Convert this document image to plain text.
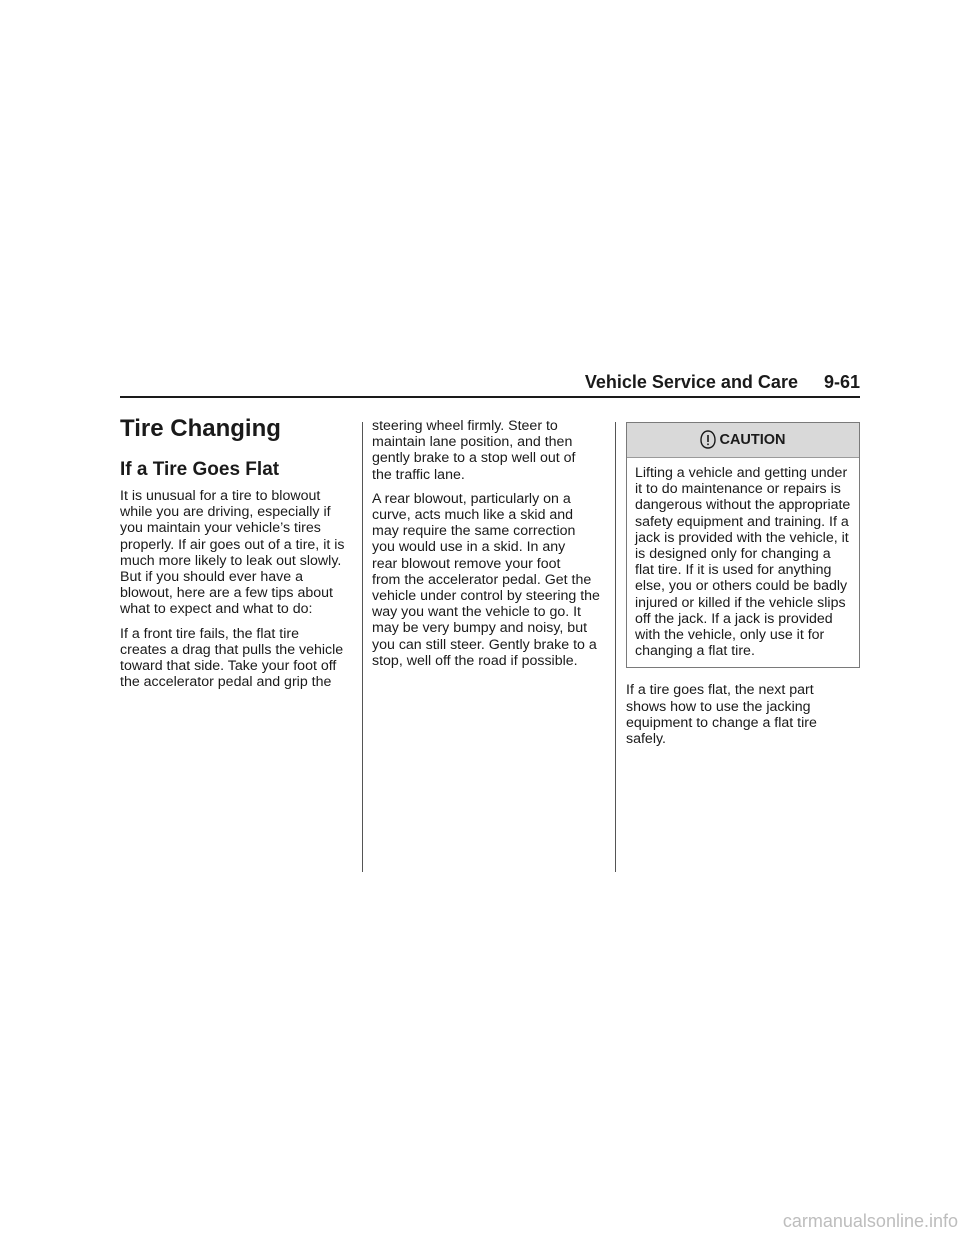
Vehicle Service and Care 9-61
Tire Changing
If a Tire Goes Flat

It is unusual for a tire to blowout
while you are driving, especially if
you maintain your vehicle’s tires
properly. If air goes out of a tire, it is
much more likely to leak out slowly.
But if you should ever have a
blowout, here are a few tips about
what to expect and what to do:

If a front tire fails, the flat tire
creates a drag that pulls the vehicle
toward that side. Take your foot off
the accelerator pedal and grip the

steering wheel firmly. Steer to
maintain lane position, and then
gently brake to a stop well out of
the traffic lane.

A rear blowout, particularly on a
curve, acts much like a skid and
may require the same correction
you would use in a skid. In any
rear blowout remove your foot
from the accelerator pedal. Get the
vehicle under control by steering the
way you want the vehicle to go. It
may be very bumpy and noisy, but
you can still steer. Gently brake to a
stop, well off the road if possible.

CAUTION

Lifting a vehicle and getting under
it to do maintenance or repairs is
dangerous without the appropriate
safety equipment and training. If a
jack is provided with the vehicle, it
is designed only for changing a
flat tire. If it is used for anything
else, you or others could be badly
injured or killed if the vehicle slips
off the jack. If a jack is provided
with the vehicle, only use it for
changing a flat tire.

If a tire goes flat, the next part
shows how to use the jacking
equipment to change a flat tire
safely.

carmanualsonline.info
